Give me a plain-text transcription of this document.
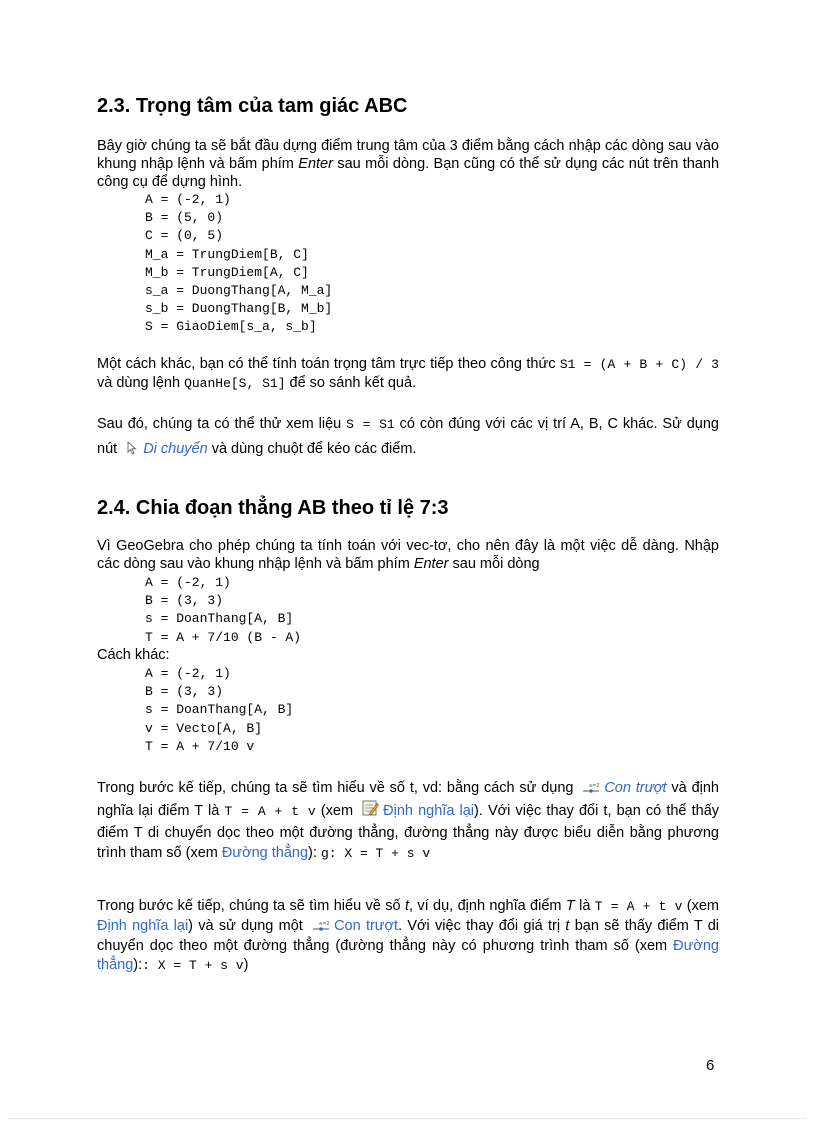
2.3. Trọng tâm của tam giác ABC
Bây giờ chúng ta sẽ bắt đầu dựng điểm trung tâm của 3 điểm bằng cách nhập các dòng sau vào khung nhập lệnh và bấm phím Enter sau mỗi dòng. Bạn cũng có thể sử dụng các nút trên thanh công cụ để dựng hình.
A = (-2, 1)
B = (5, 0)
C = (0, 5)
M_a = TrungDiem[B, C]
M_b = TrungDiem[A, C]
s_a = DuongThang[A, M_a]
s_b = DuongThang[B, M_b]
S = GiaoDiem[s_a, s_b]
Một cách khác, bạn có thể tính toán trọng tâm trực tiếp theo công thức S1 = (A + B + C) / 3 và dùng lệnh QuanHe[S, S1] để so sánh kết quả.
Sau đó, chúng ta có thể thử xem liệu S = S1 có còn đúng với các vị trí A, B, C khác. Sử dụng nút Di chuyển và dùng chuột để kéo các điểm.
2.4. Chia đoạn thẳng AB theo tỉ lệ 7:3
Vì GeoGebra cho phép chúng ta tính toán với vec-tơ, cho nên đây là một việc dễ dàng. Nhập các dòng sau vào khung nhập lệnh và bấm phím Enter sau mỗi dòng
A = (-2, 1)
B = (3, 3)
s = DoanThang[A, B]
T = A + 7/10 (B - A)
Cách khác:
A = (-2, 1)
B = (3, 3)
s = DoanThang[A, B]
v = Vecto[A, B]
T = A + 7/10 v
Trong bước kế tiếp, chúng ta sẽ tìm hiểu về số t, vd: bằng cách sử dụng a=2 Con trượt và định nghĩa lại điểm T là T = A + t v (xem Định nghĩa lại). Với việc thay đổi t, bạn có thể thấy điểm T di chuyển dọc theo một đường thẳng, đường thẳng này được biểu diễn bằng phương trình tham số (xem Đường thẳng): g: X = T + s v
Trong bước kế tiếp, chúng ta sẽ tìm hiểu về số t, ví dụ, định nghĩa điểm T là T = A + t v (xem Định nghĩa lại) và sử dụng một a=2 Con trượt. Với việc thay đổi giá trị t bạn sẽ thấy điểm T di chuyển dọc theo một đường thẳng (đường thẳng này có phương trình tham số (xem Đường thẳng):: X = T + s v)
6
